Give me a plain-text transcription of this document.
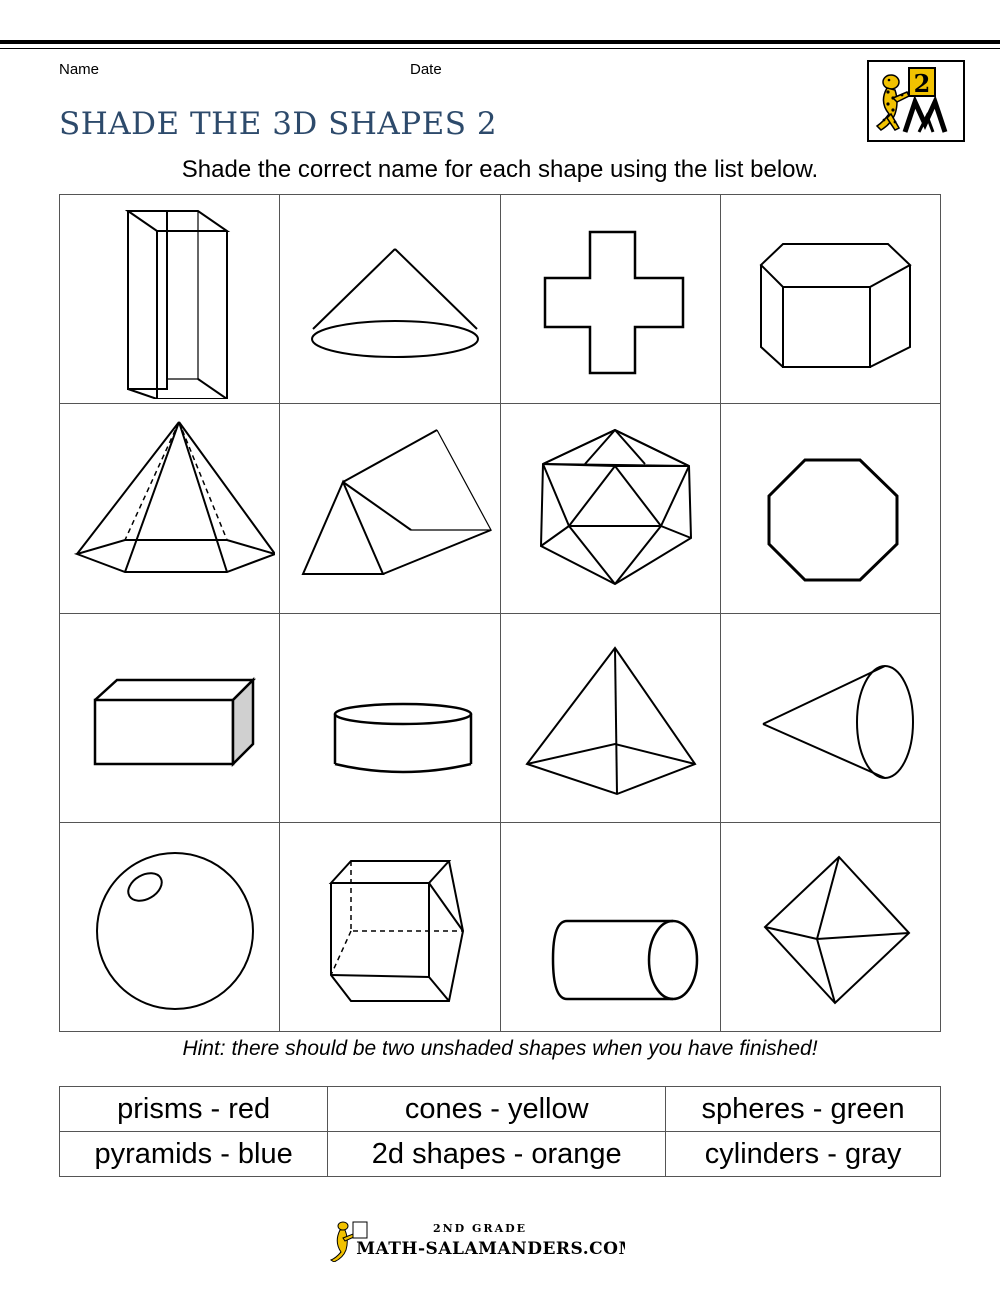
Name	Date	2
SHADE THE 3D SHAPES 2
Shade the correct name for each shape using the list below.
Hint: there should be two unshaded shapes when you have finished!
prisms - red	cones - yellow	spheres - green
pyramids - blue	2d shapes - orange	cylinders - gray
2ND GRADE
MATH-SALAMANDERS.COM
